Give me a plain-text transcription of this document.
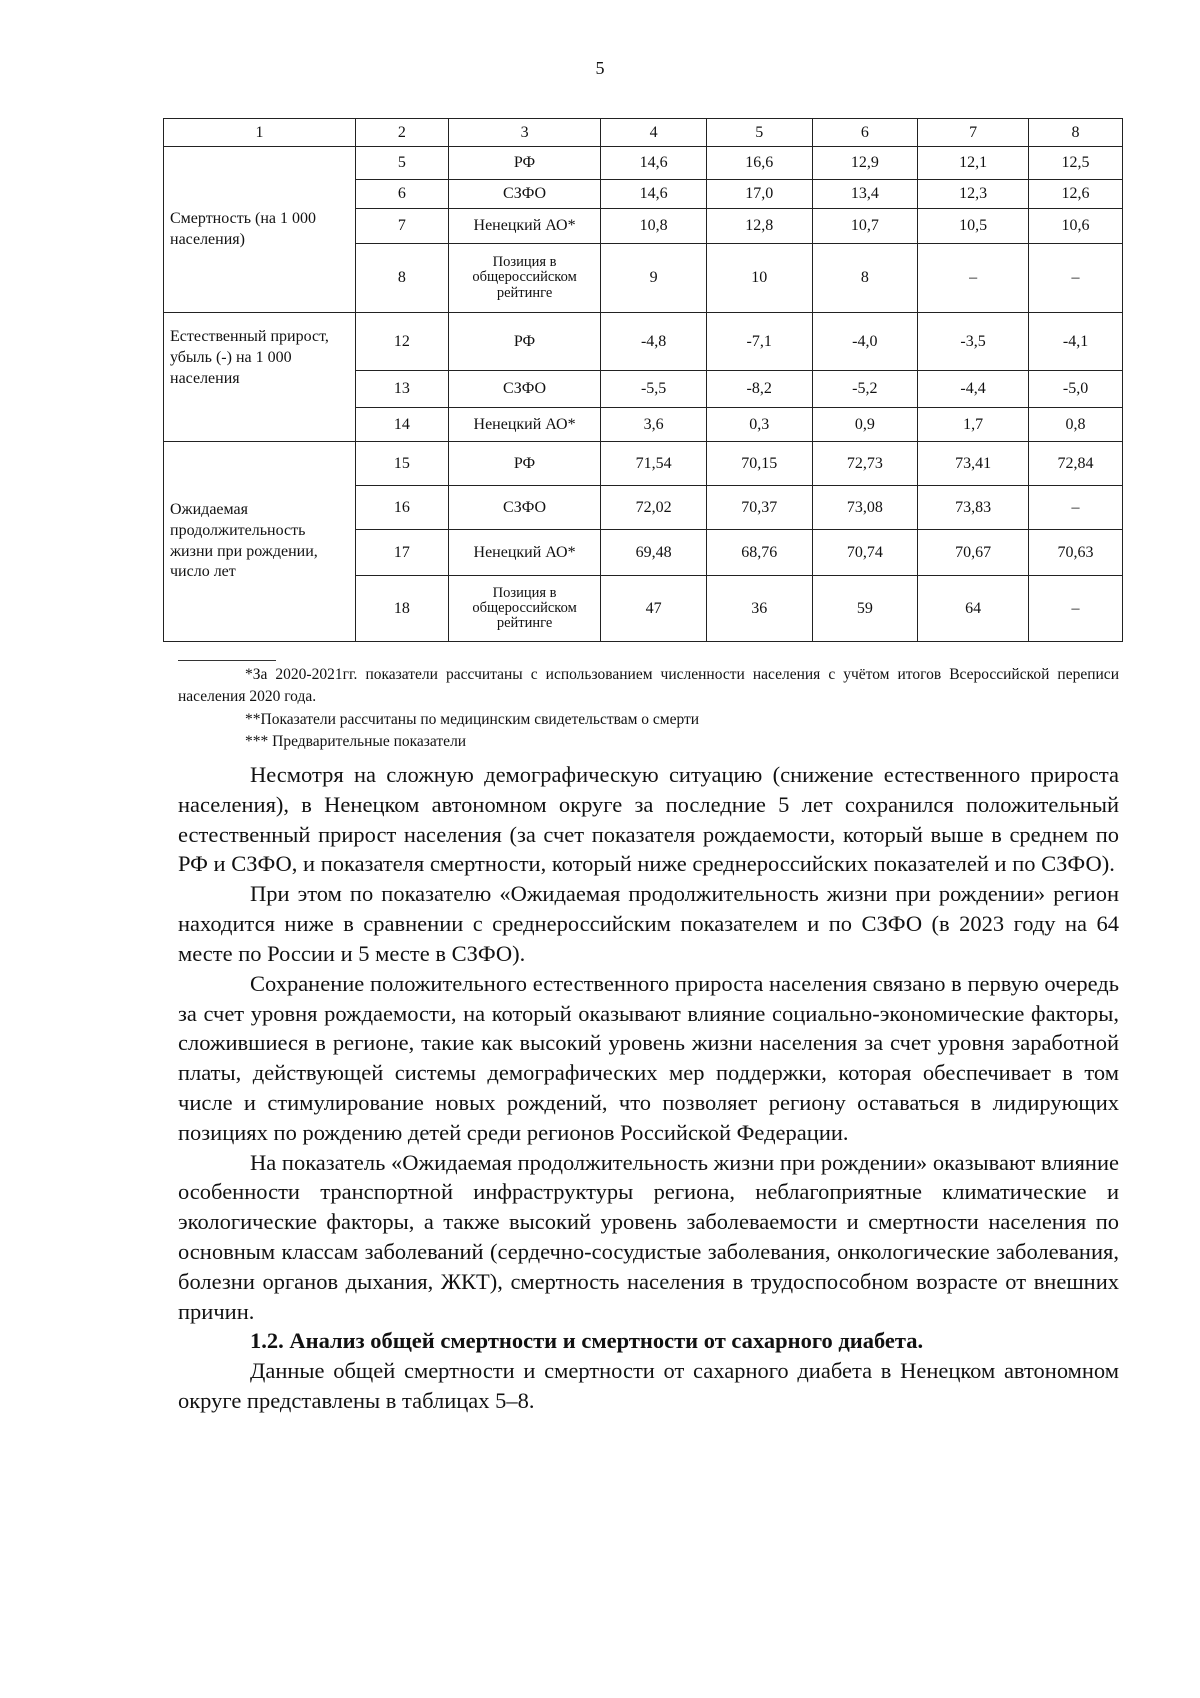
5
1	2	3	4	5	6	7	8
Смертность (на 1 000 населения)	5	РФ	14,6	16,6	12,9	12,1	12,5
	6	СЗФО	14,6	17,0	13,4	12,3	12,6
	7	Ненецкий АО*	10,8	12,8	10,7	10,5	10,6
	8	Позиция в общероссийском рейтинге	9	10	8	–	–
Естественный прирост, убыль (-) на 1 000 населения	12	РФ	-4,8	-7,1	-4,0	-3,5	-4,1
	13	СЗФО	-5,5	-8,2	-5,2	-4,4	-5,0
	14	Ненецкий АО*	3,6	0,3	0,9	1,7	0,8
Ожидаемая продолжительность жизни при рождении, число лет	15	РФ	71,54	70,15	72,73	73,41	72,84
	16	СЗФО	72,02	70,37	73,08	73,83	–
	17	Ненецкий АО*	69,48	68,76	70,74	70,67	70,63
	18	Позиция в общероссийском рейтинге	47	36	59	64	–

*За 2020-2021гг. показатели рассчитаны с использованием численности населения с учётом итогов Всероссийской переписи населения 2020 года.

**Показатели рассчитаны по медицинским свидетельствам о смерти

*** Предварительные показатели

Несмотря на сложную демографическую ситуацию (снижение естественного прироста населения), в Ненецком автономном округе за последние 5 лет сохранился положительный естественный прирост населения (за счет показателя рождаемости, который выше в среднем по РФ и СЗФО, и показателя смертности, который ниже среднероссийских показателей и по СЗФО).

При этом по показателю «Ожидаемая продолжительность жизни при рождении» регион находится ниже в сравнении с среднероссийским показателем и по СЗФО (в 2023 году на 64 месте по России и 5 месте в СЗФО).

Сохранение положительного естественного прироста населения связано в первую очередь за счет уровня рождаемости, на который оказывают влияние социально-экономические факторы, сложившиеся в регионе, такие как высокий уровень жизни населения за счет уровня заработной платы, действующей системы демографических мер поддержки, которая обеспечивает в том числе и стимулирование новых рождений, что позволяет региону оставаться в лидирующих позициях по рождению детей среди регионов Российской Федерации.

На показатель «Ожидаемая продолжительность жизни при рождении» оказывают влияние особенности транспортной инфраструктуры региона, неблагоприятные климатические и экологические факторы, а также высокий уровень заболеваемости и смертности населения по основным классам заболеваний (сердечно-сосудистые заболевания, онкологические заболевания, болезни органов дыхания, ЖКТ), смертность населения в трудоспособном возрасте от внешних причин.

1.2. Анализ общей смертности и смертности от сахарного диабета.

Данные общей смертности и смертности от сахарного диабета в Ненецком автономном округе представлены в таблицах 5–8.
